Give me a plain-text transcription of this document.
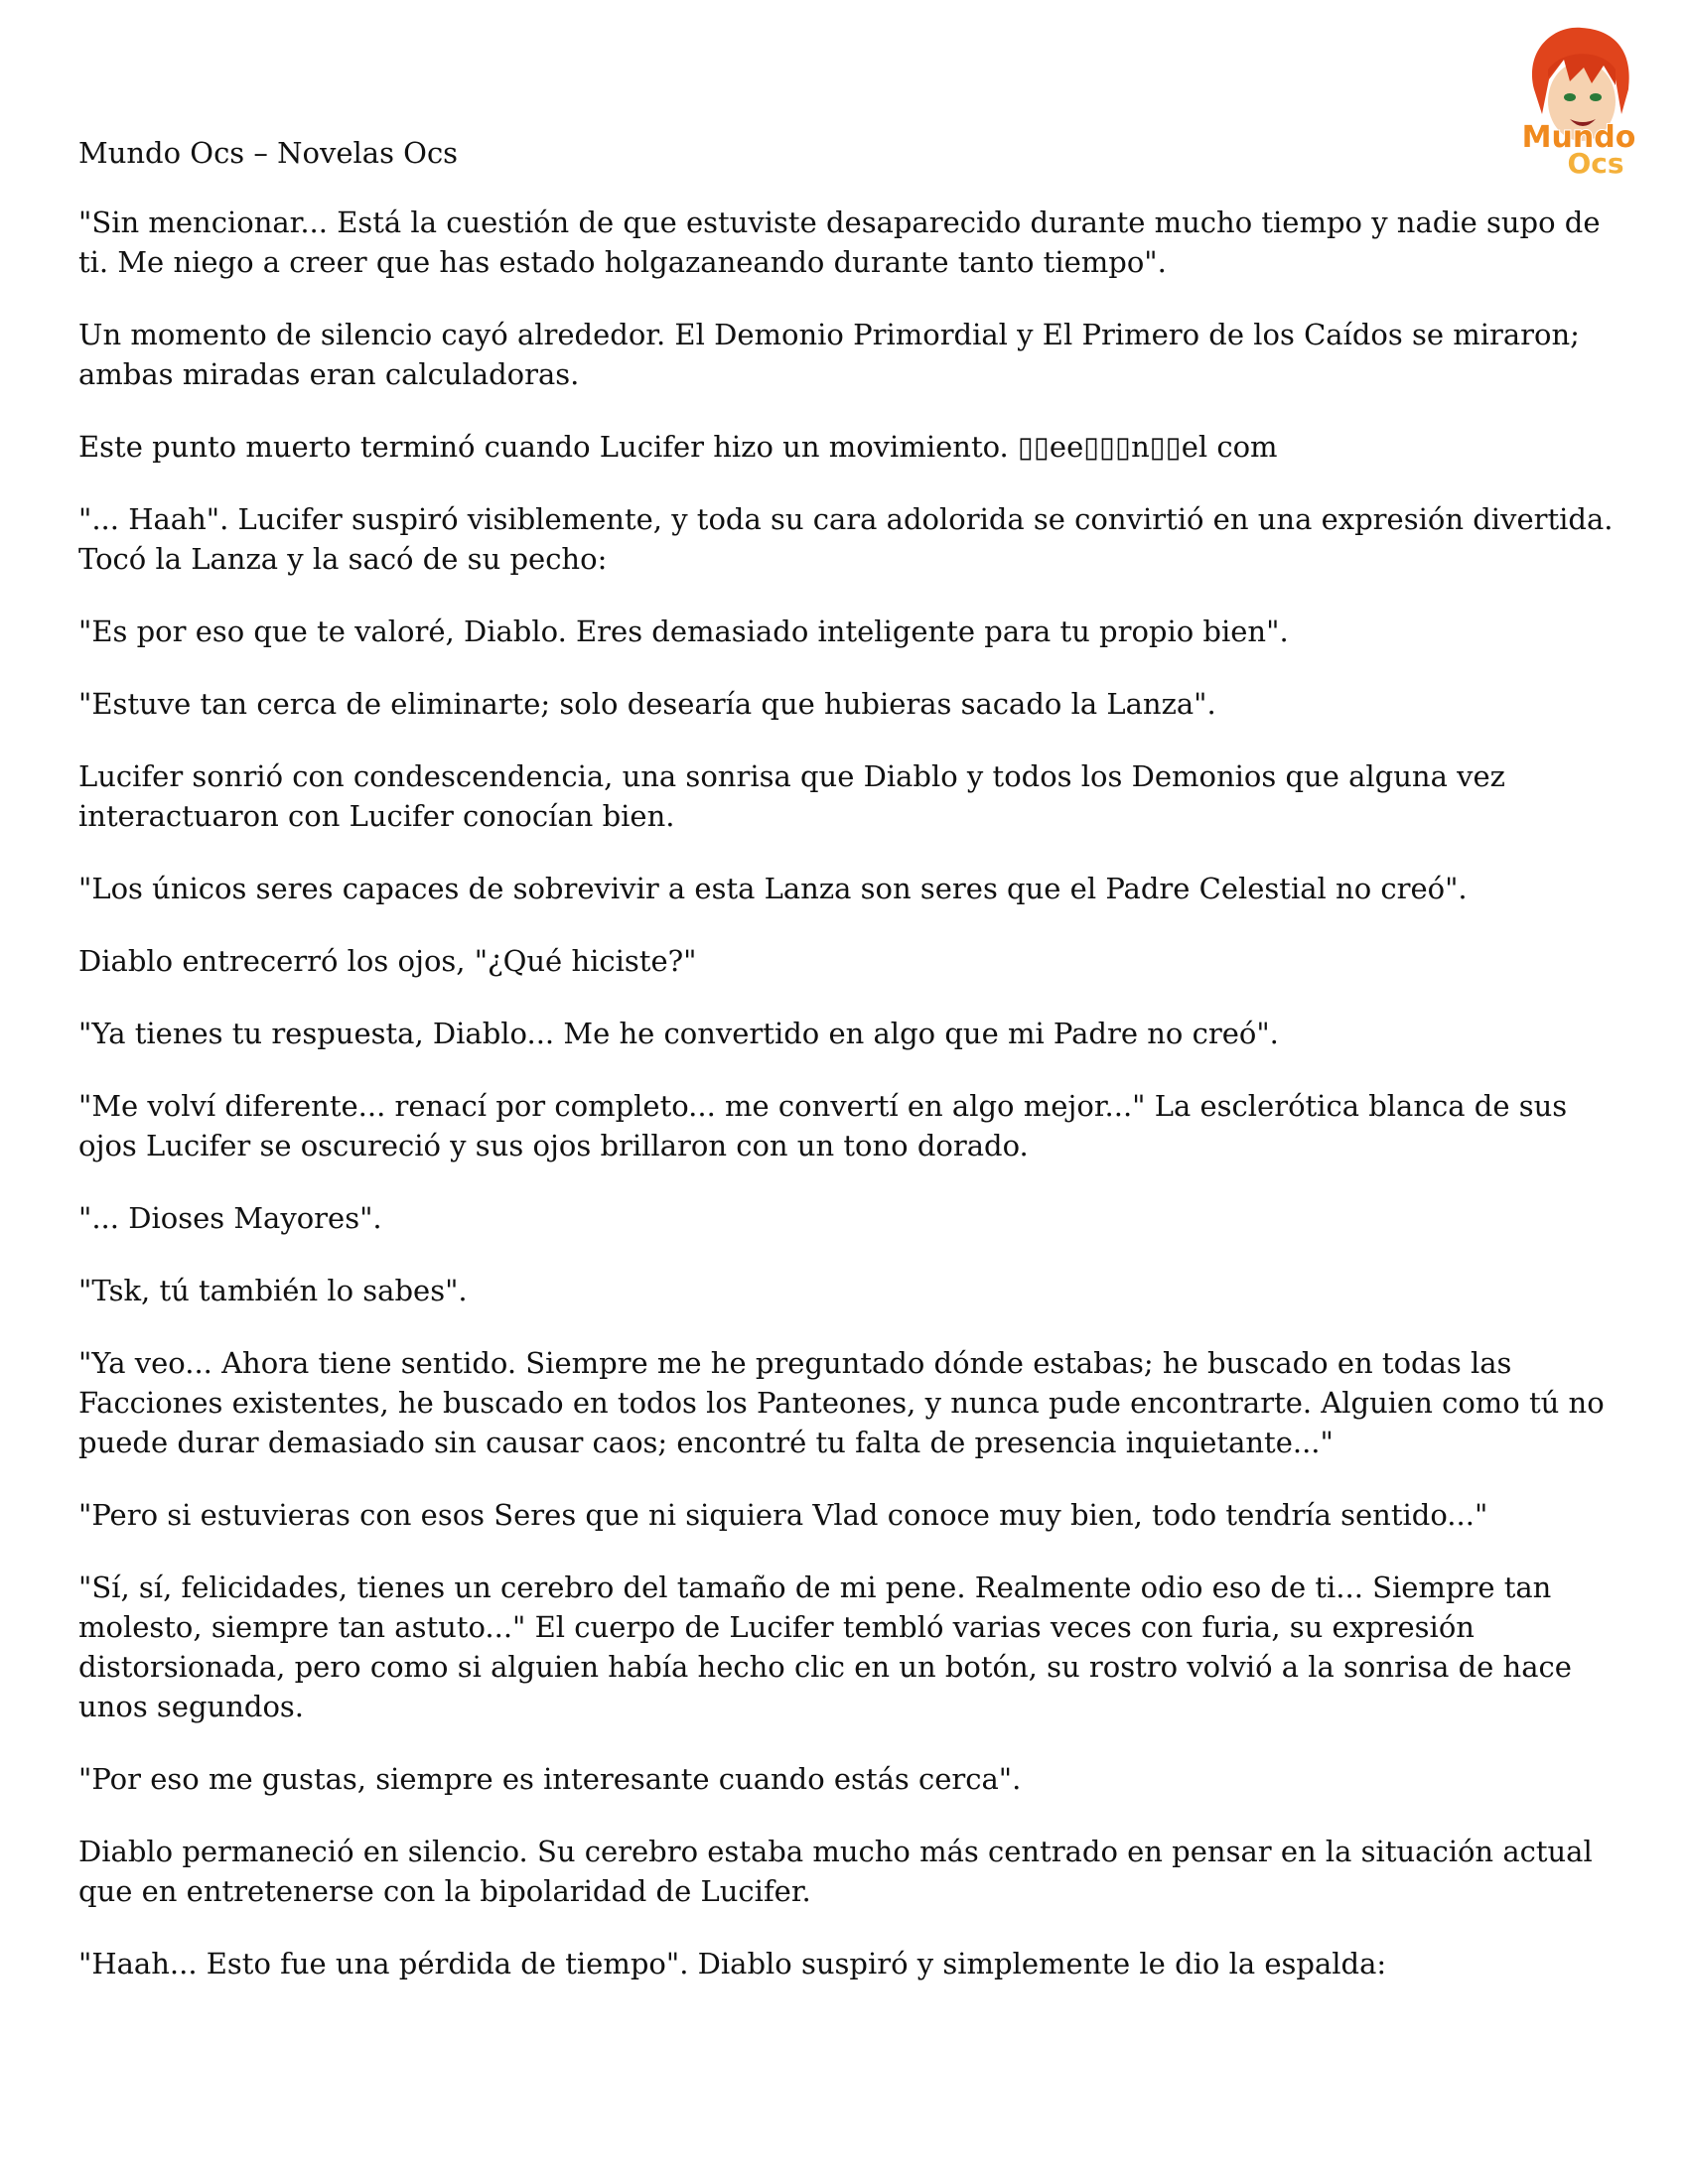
Mundo
Ocs
Mundo Ocs – Novelas Ocs

"Sin mencionar... Está la cuestión de que estuviste desaparecido durante mucho tiempo y nadie supo de ti. Me niego a creer que has estado holgazaneando durante tanto tiempo".

Un momento de silencio cayó alrededor. El Demonio Primordial y El Primero de los Caídos se miraron; ambas miradas eran calculadoras.

Este punto muerto terminó cuando Lucifer hizo un movimiento. ▯▯ee▯▯▯n▯▯el com

"... Haah". Lucifer suspiró visiblemente, y toda su cara adolorida se convirtió en una expresión divertida. Tocó la Lanza y la sacó de su pecho:

"Es por eso que te valoré, Diablo. Eres demasiado inteligente para tu propio bien".

"Estuve tan cerca de eliminarte; solo desearía que hubieras sacado la Lanza".

Lucifer sonrió con condescendencia, una sonrisa que Diablo y todos los Demonios que alguna vez interactuaron con Lucifer conocían bien.

"Los únicos seres capaces de sobrevivir a esta Lanza son seres que el Padre Celestial no creó".

Diablo entrecerró los ojos, "¿Qué hiciste?"

"Ya tienes tu respuesta, Diablo... Me he convertido en algo que mi Padre no creó".

"Me volví diferente... renací por completo... me convertí en algo mejor..." La esclerótica blanca de sus ojos Lucifer se oscureció y sus ojos brillaron con un tono dorado.

"... Dioses Mayores".

"Tsk, tú también lo sabes".

"Ya veo... Ahora tiene sentido. Siempre me he preguntado dónde estabas; he buscado en todas las Facciones existentes, he buscado en todos los Panteones, y nunca pude encontrarte. Alguien como tú no puede durar demasiado sin causar caos; encontré tu falta de presencia inquietante..."

"Pero si estuvieras con esos Seres que ni siquiera Vlad conoce muy bien, todo tendría sentido..."

"Sí, sí, felicidades, tienes un cerebro del tamaño de mi pene. Realmente odio eso de ti... Siempre tan molesto, siempre tan astuto..." El cuerpo de Lucifer tembló varias veces con furia, su expresión distorsionada, pero como si alguien había hecho clic en un botón, su rostro volvió a la sonrisa de hace unos segundos.

"Por eso me gustas, siempre es interesante cuando estás cerca".

Diablo permaneció en silencio. Su cerebro estaba mucho más centrado en pensar en la situación actual que en entretenerse con la bipolaridad de Lucifer.

"Haah... Esto fue una pérdida de tiempo". Diablo suspiró y simplemente le dio la espalda:
